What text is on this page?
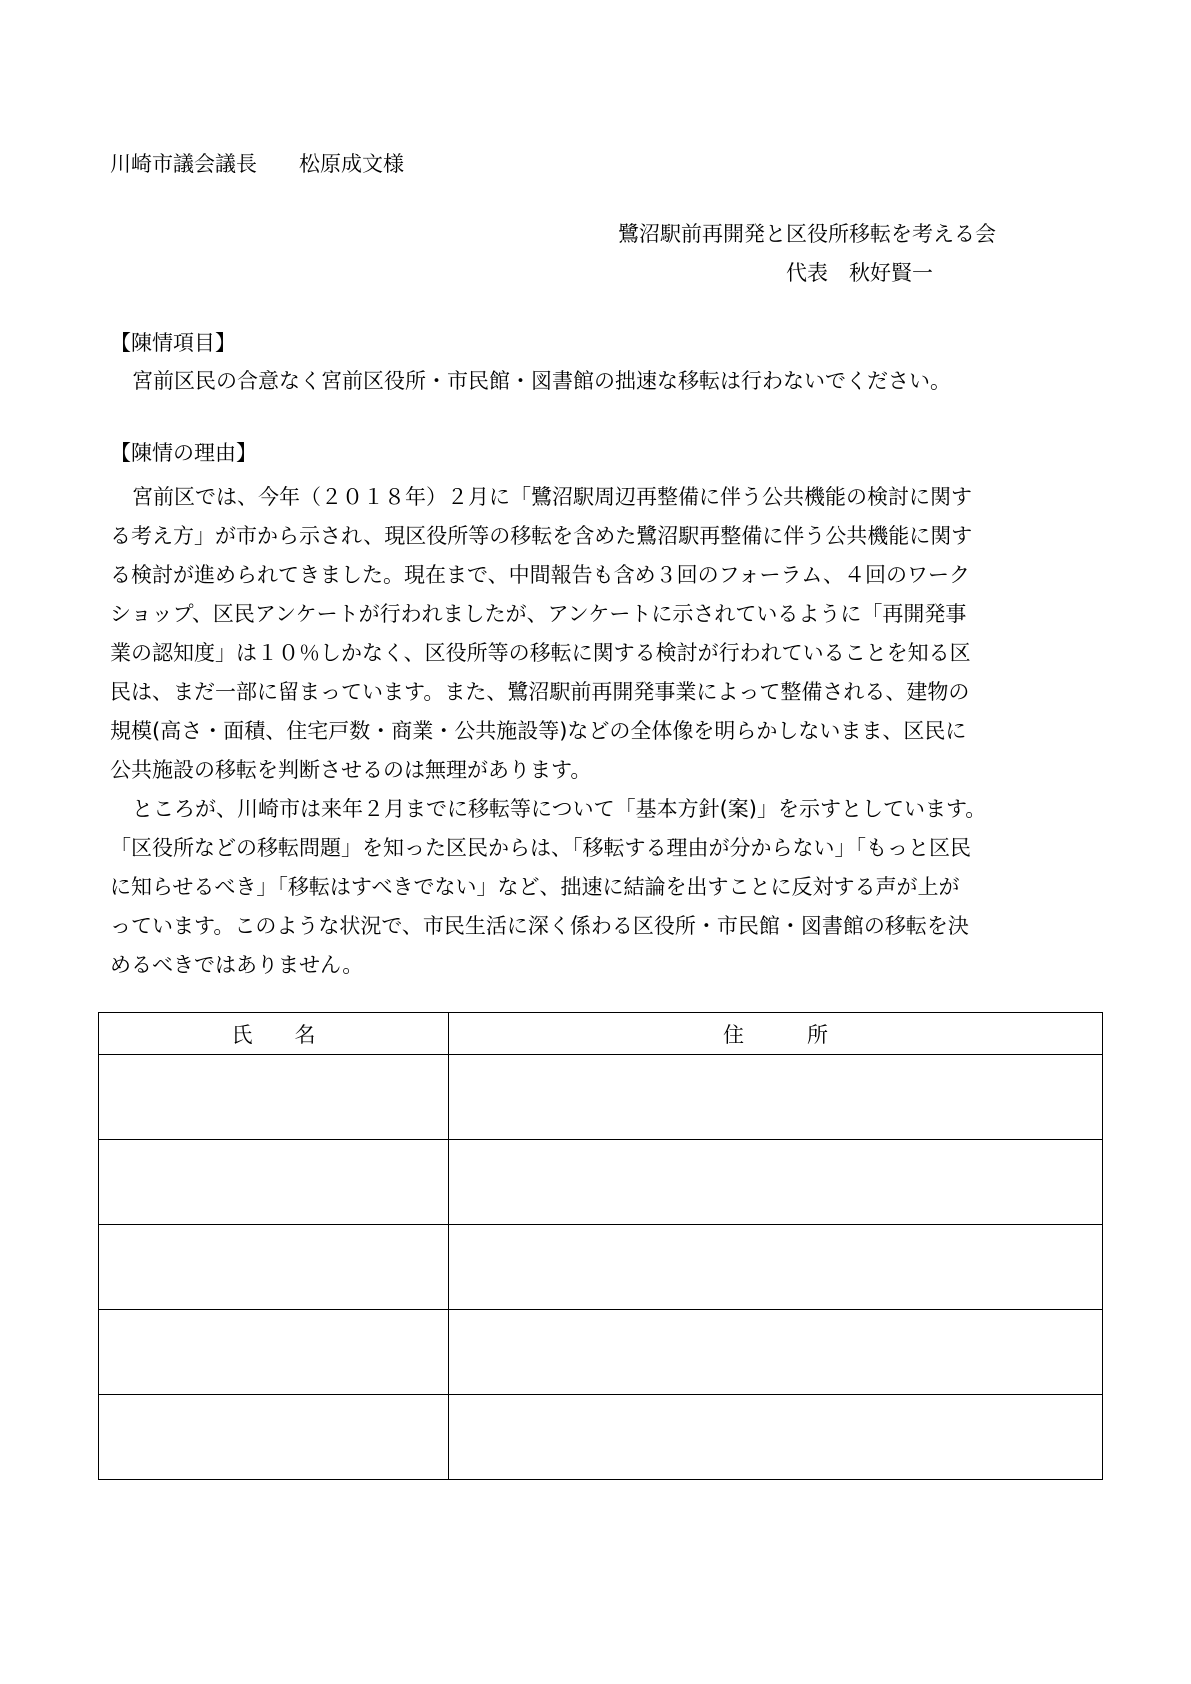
川崎市議会議長　　松原成文様
鷺沼駅前再開発と区役所移転を考える会
代表　秋好賢一
【陳情項目】
宮前区民の合意なく宮前区役所・市民館・図書館の拙速な移転は行わないでください。
【陳情の理由】
宮前区では、今年（２０１８年）２月に「鷺沼駅周辺再整備に伴う公共機能の検討に関す
る考え方」が市から示され、現区役所等の移転を含めた鷺沼駅再整備に伴う公共機能に関す
る検討が進められてきました。現在まで、中間報告も含め３回のフォーラム、４回のワーク
ショップ、区民アンケートが行われましたが、アンケートに示されているように「再開発事
業の認知度」は１０％しかなく、区役所等の移転に関する検討が行われていることを知る区
民は、まだ一部に留まっています。また、鷺沼駅前再開発事業によって整備される、建物の
規模(高さ・面積、住宅戸数・商業・公共施設等)などの全体像を明らかしないまま、区民に
公共施設の移転を判断させるのは無理があります。
ところが、川崎市は来年２月までに移転等について「基本方針(案)」を示すとしています。
「区役所などの移転問題」を知った区民からは、「移転する理由が分からない」「もっと区民
に知らせるべき」「移転はすべきでない」など、拙速に結論を出すことに反対する声が上が
っています。このような状況で、市民生活に深く係わる区役所・市民館・図書館の移転を決
めるべきではありません。
氏　　名	住　　　所
